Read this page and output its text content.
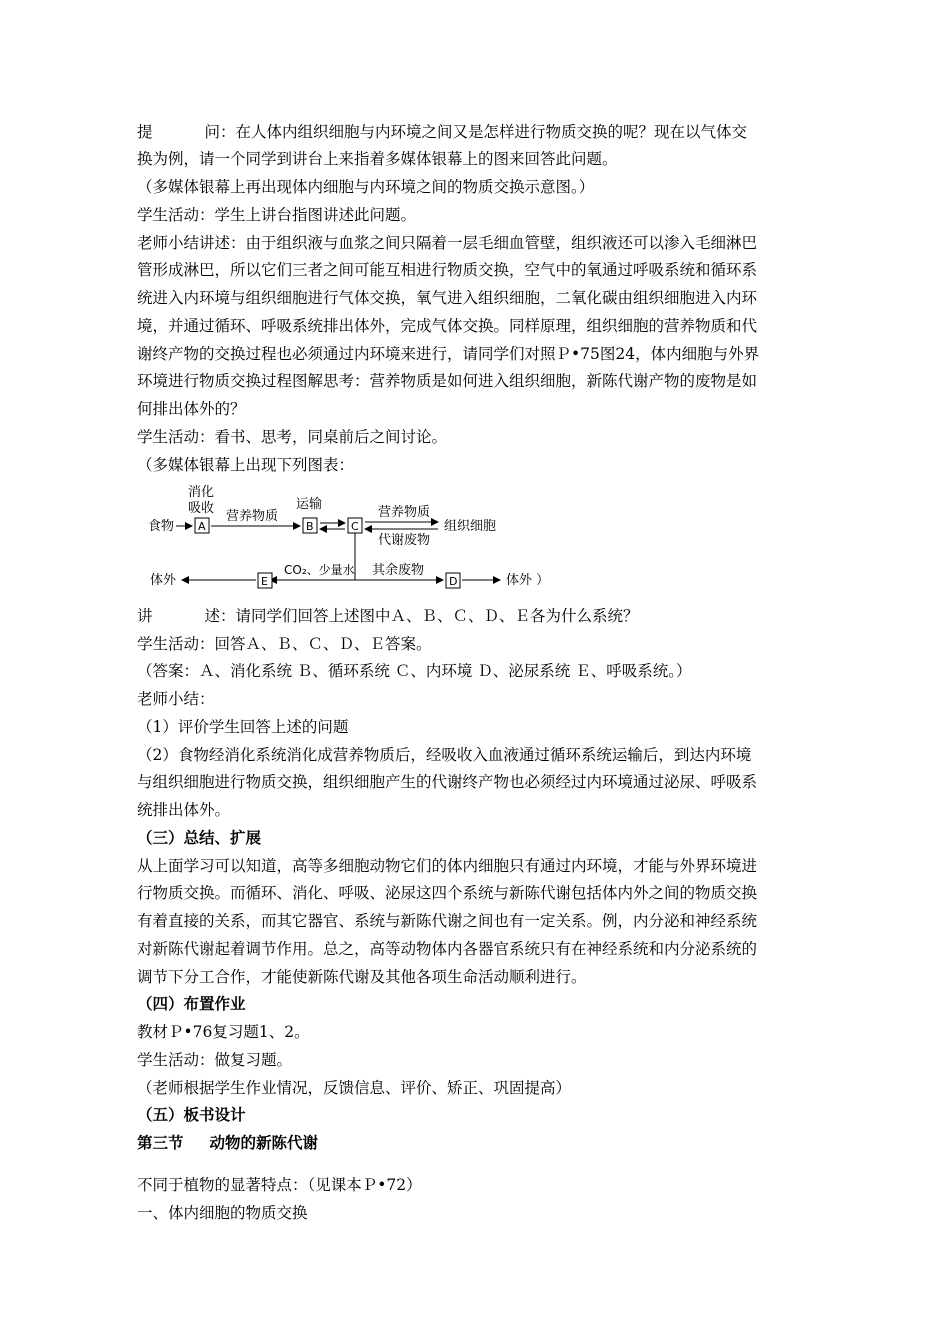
提	问：在人体内组织细胞与内环境之间又是怎样进行物质交换的呢？现在以气体交
换为例，请一个同学到讲台上来指着多媒体银幕上的图来回答此问题。
（多媒体银幕上再出现体内细胞与内环境之间的物质交换示意图。）
学生活动：学生上讲台指图讲述此问题。
老师小结讲述：由于组织液与血浆之间只隔着一层毛细血管壁，组织液还可以渗入毛细淋巴
管形成淋巴，所以它们三者之间可能互相进行物质交换，空气中的氧通过呼吸系统和循环系
统进入内环境与组织细胞进行气体交换，氧气进入组织细胞，二氧化碳由组织细胞进入内环
境，并通过循环、呼吸系统排出体外，完成气体交换。同样原理，组织细胞的营养物质和代
谢终产物的交换过程也必须通过内环境来进行，请同学们对照Ｐ•75图24，体内细胞与外界
环境进行物质交换过程图解思考：营养物质是如何进入组织细胞，新陈代谢产物的废物是如
何排出体外的？
学生活动：看书、思考，同桌前后之间讨论。
（多媒体银幕上出现下列图表：
消化
吸收
食物 A
营养物质
运输
B	C
营养物质
代谢废物
组织细胞
CO₂、少量水
E
体外
其余废物
D	体外 ）
讲	述：请同学们回答上述图中Ａ、Ｂ、Ｃ、Ｄ、Ｅ各为什么系统？
学生活动：回答Ａ、Ｂ、Ｃ、Ｄ、Ｅ答案。
（答案：Ａ、消化系统 Ｂ、循环系统 Ｃ、内环境 Ｄ、泌尿系统 Ｅ、呼吸系统。）
老师小结：
（1）评价学生回答上述的问题
（2）食物经消化系统消化成营养物质后，经吸收入血液通过循环系统运输后，到达内环境
与组织细胞进行物质交换，组织细胞产生的代谢终产物也必须经过内环境通过泌尿、呼吸系
统排出体外。
（三）总结、扩展
从上面学习可以知道，高等多细胞动物它们的体内细胞只有通过内环境，才能与外界环境进
行物质交换。而循环、消化、呼吸、泌尿这四个系统与新陈代谢包括体内外之间的物质交换
有着直接的关系，而其它器官、系统与新陈代谢之间也有一定关系。例，内分泌和神经系统
对新陈代谢起着调节作用。总之，高等动物体内各器官系统只有在神经系统和内分泌系统的
调节下分工合作，才能使新陈代谢及其他各项生命活动顺利进行。
（四）布置作业
教材Ｐ•76复习题1、2。
学生活动：做复习题。
（老师根据学生作业情况，反馈信息、评价、矫正、巩固提高）
（五）板书设计
第三节 动物的新陈代谢
不同于植物的显著特点：（见课本Ｐ•72）
一、体内细胞的物质交换
